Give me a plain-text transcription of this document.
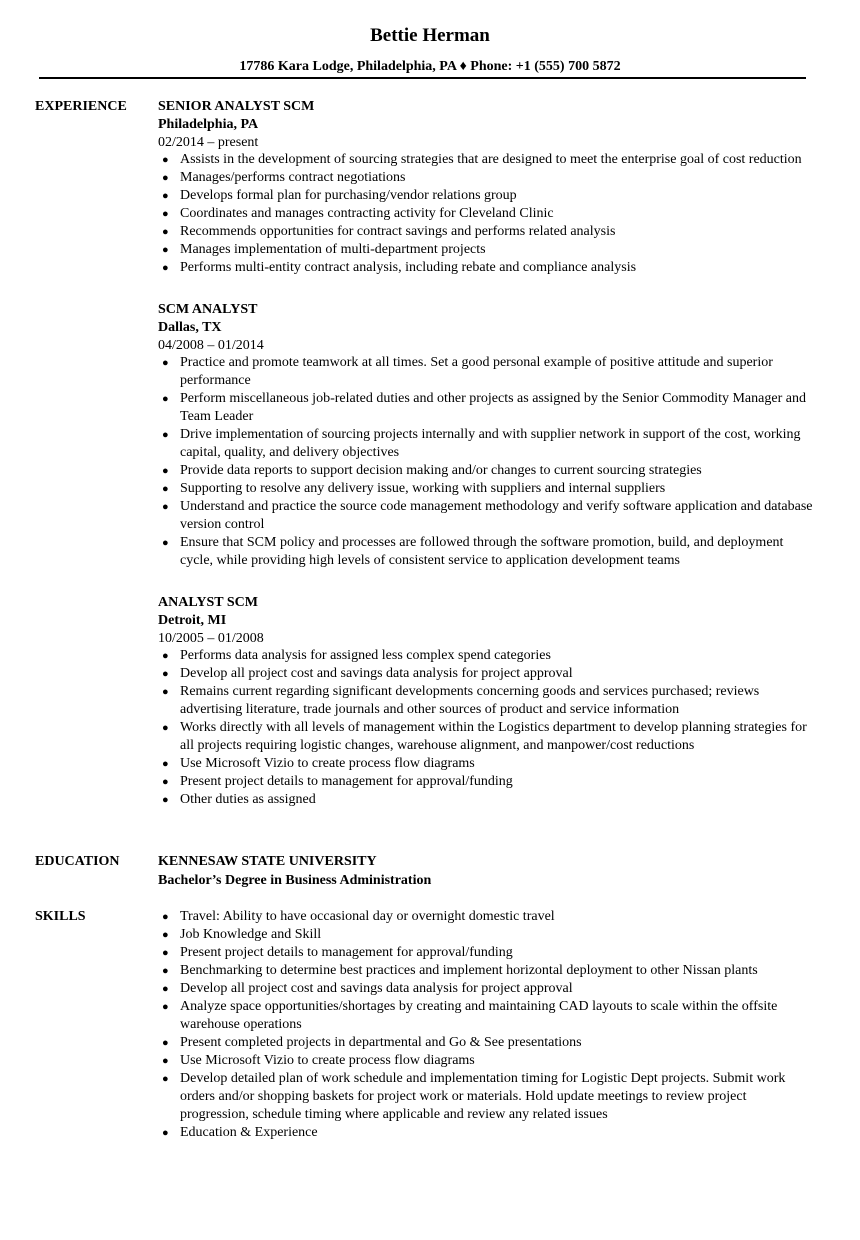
Bettie Herman
17786 Kara Lodge, Philadelphia, PA ♦ Phone: +1 (555) 700 5872
EXPERIENCE SENIOR ANALYST SCM
Philadelphia, PA
02/2014 – present
● Assists in the development of sourcing strategies that are designed to meet the enterprise goal of cost reduction
● Manages/performs contract negotiations
● Develops formal plan for purchasing/vendor relations group
● Coordinates and manages contracting activity for Cleveland Clinic
● Recommends opportunities for contract savings and performs related analysis
● Manages implementation of multi-department projects
● Performs multi-entity contract analysis, including rebate and compliance analysis
SCM ANALYST
Dallas, TX
04/2008 – 01/2014
● Practice and promote teamwork at all times. Set a good personal example of positive attitude and superior performance
● Perform miscellaneous job-related duties and other projects as assigned by the Senior Commodity Manager and Team Leader
● Drive implementation of sourcing projects internally and with supplier network in support of the cost, working capital, quality, and delivery objectives
● Provide data reports to support decision making and/or changes to current sourcing strategies
● Supporting to resolve any delivery issue, working with suppliers and internal suppliers
● Understand and practice the source code management methodology and verify software application and database version control
● Ensure that SCM policy and processes are followed through the software promotion, build, and deployment cycle, while providing high levels of consistent service to application development teams
ANALYST SCM
Detroit, MI
10/2005 – 01/2008
● Performs data analysis for assigned less complex spend categories
● Develop all project cost and savings data analysis for project approval
● Remains current regarding significant developments concerning goods and services purchased; reviews advertising literature, trade journals and other sources of product and service information
● Works directly with all levels of management within the Logistics department to develop planning strategies for all projects requiring logistic changes, warehouse alignment, and manpower/cost reductions
● Use Microsoft Vizio to create process flow diagrams
● Present project details to management for approval/funding
● Other duties as assigned
EDUCATION	KENNESAW STATE UNIVERSITY
Bachelor’s Degree in Business Administration
SKILLS	● Travel: Ability to have occasional day or overnight domestic travel
● Job Knowledge and Skill
● Present project details to management for approval/funding
● Benchmarking to determine best practices and implement horizontal deployment to other Nissan plants
● Develop all project cost and savings data analysis for project approval
● Analyze space opportunities/shortages by creating and maintaining CAD layouts to scale within the offsite warehouse operations
● Present completed projects in departmental and Go & See presentations
● Use Microsoft Vizio to create process flow diagrams
● Develop detailed plan of work schedule and implementation timing for Logistic Dept projects. Submit work orders and/or shopping baskets for project work or materials. Hold update meetings to review project progression, schedule timing where applicable and review any related issues
● Education & Experience
